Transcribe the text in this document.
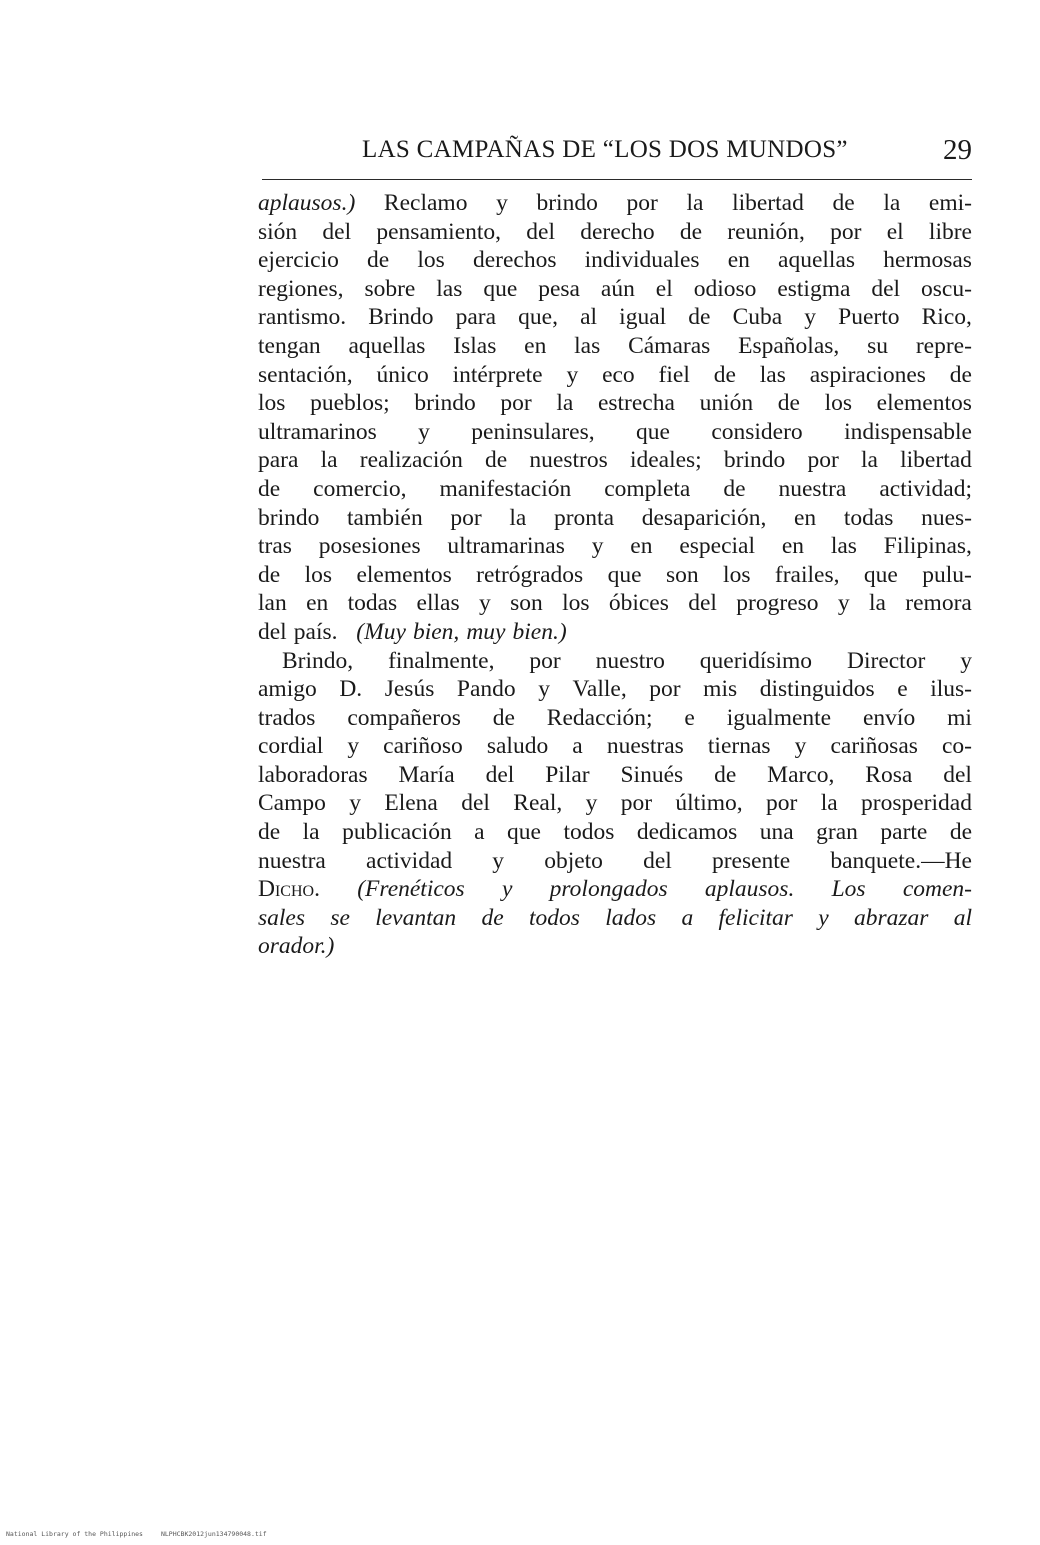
LAS CAMPAÑAS DE “LOS DOS MUNDOS”	29
aplausos.) Reclamo y brindo por la libertad de la emi-
sión del pensamiento, del derecho de reunión, por el libre
ejercicio de los derechos individuales en aquellas hermosas
regiones, sobre las que pesa aún el odioso estigma del oscu-
rantismo. Brindo para que, al igual de Cuba y Puerto Rico,
tengan aquellas Islas en las Cámaras Españolas, su repre-
sentación, único intérprete y eco fiel de las aspiraciones de
los pueblos; brindo por la estrecha unión de los elementos
ultramarinos y peninsulares, que considero indispensable
para la realización de nuestros ideales; brindo por la libertad
de comercio, manifestación completa de nuestra actividad;
brindo también por la pronta desaparición, en todas nues-
tras posesiones ultramarinas y en especial en las Filipinas,
de los elementos retrógrados que son los frailes, que pulu-
lan en todas ellas y son los óbices del progreso y la remora
del país. (Muy bien, muy bien.)
Brindo, finalmente, por nuestro queridísimo Director y
amigo D. Jesús Pando y Valle, por mis distinguidos e ilus-
trados compañeros de Redacción; e igualmente envío mi
cordial y cariñoso saludo a nuestras tiernas y cariñosas co-
laboradoras María del Pilar Sinués de Marco, Rosa del
Campo y Elena del Real, y por último, por la prosperidad
de la publicación a que todos dedicamos una gran parte de
nuestra actividad y objeto del presente banquete.—He
Dicho. (Frenéticos y prolongados aplausos. Los comen-
sales se levantan de todos lados a felicitar y abrazar al
orador.)
National Library of the Philippines	NLPHCBK2012jun134790048.tif
